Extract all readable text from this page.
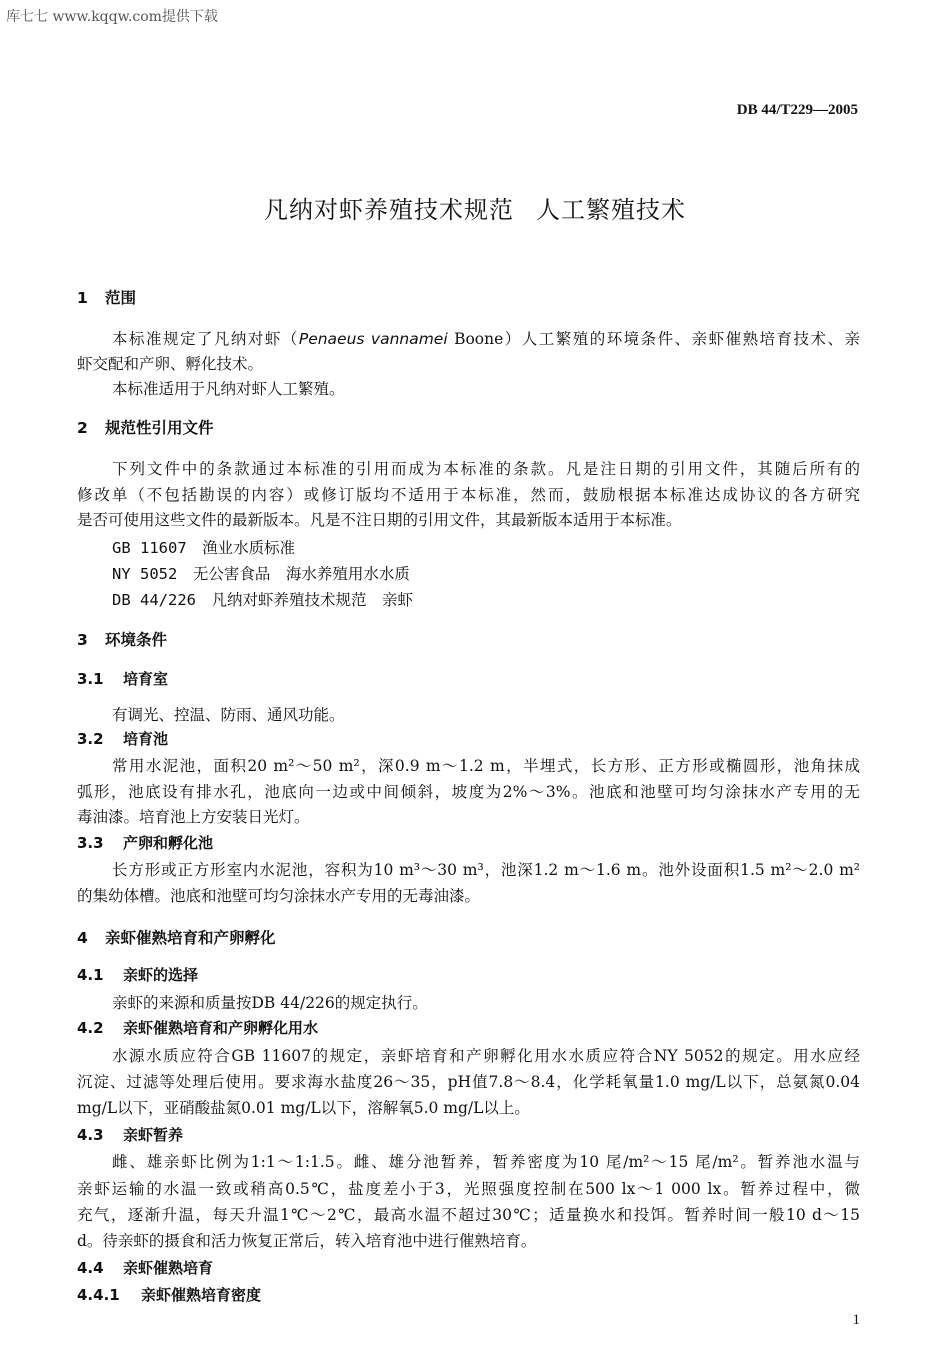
库七七 www.kqqw.com提供下载
DB 44/T229—2005
凡纳对虾养殖技术规范 人工繁殖技术
1 范围
本标准规定了凡纳对虾（Penaeus vannamei Boone）人工繁殖的环境条件、亲虾催熟培育技术、亲
虾交配和产卵、孵化技术。
本标准适用于凡纳对虾人工繁殖。
2 规范性引用文件
下列文件中的条款通过本标准的引用而成为本标准的条款。凡是注日期的引用文件，其随后所有的
修改单（不包括勘误的内容）或修订版均不适用于本标准，然而，鼓励根据本标准达成协议的各方研究
是否可使用这些文件的最新版本。凡是不注日期的引用文件，其最新版本适用于本标准。
GB 11607　 渔业水质标准
NY 5052　 无公害食品　海水养殖用水水质
DB 44/226　 凡纳对虾养殖技术规范　亲虾
3 环境条件
3.1 培育室
有调光、控温、防雨、通风功能。
3.2 培育池
常用水泥池，面积20 m²～50 m²，深0.9 m～1.2 m，半埋式，长方形、正方形或椭圆形，池角抹成
弧形，池底设有排水孔，池底向一边或中间倾斜，坡度为2%～3%。池底和池壁可均匀涂抹水产专用的无
毒油漆。培育池上方安装日光灯。
3.3 产卵和孵化池
长方形或正方形室内水泥池，容积为10 m³～30 m³，池深1.2 m～1.6 m。池外设面积1.5 m²～2.0 m²
的集幼体槽。池底和池壁可均匀涂抹水产专用的无毒油漆。
4 亲虾催熟培育和产卵孵化
4.1 亲虾的选择
亲虾的来源和质量按DB 44/226的规定执行。
4.2 亲虾催熟培育和产卵孵化用水
水源水质应符合GB 11607的规定，亲虾培育和产卵孵化用水水质应符合NY 5052的规定。用水应经
沉淀、过滤等处理后使用。要求海水盐度26～35，pH值7.8～8.4，化学耗氧量1.0 mg/L以下，总氨氮0.04
mg/L以下，亚硝酸盐氮0.01 mg/L以下，溶解氧5.0 mg/L以上。
4.3 亲虾暂养
雌、雄亲虾比例为1:1～1:1.5。雌、雄分池暂养，暂养密度为10 尾/m²～15 尾/m²。暂养池水温与
亲虾运输的水温一致或稍高0.5℃，盐度差小于3，光照强度控制在500 lx～1 000 lx。暂养过程中，微
充气，逐渐升温，每天升温1℃～2℃，最高水温不超过30℃；适量换水和投饵。暂养时间一般10 d～15
d。待亲虾的摄食和活力恢复正常后，转入培育池中进行催熟培育。
4.4 亲虾催熟培育
4.4.1 亲虾催熟培育密度
1
